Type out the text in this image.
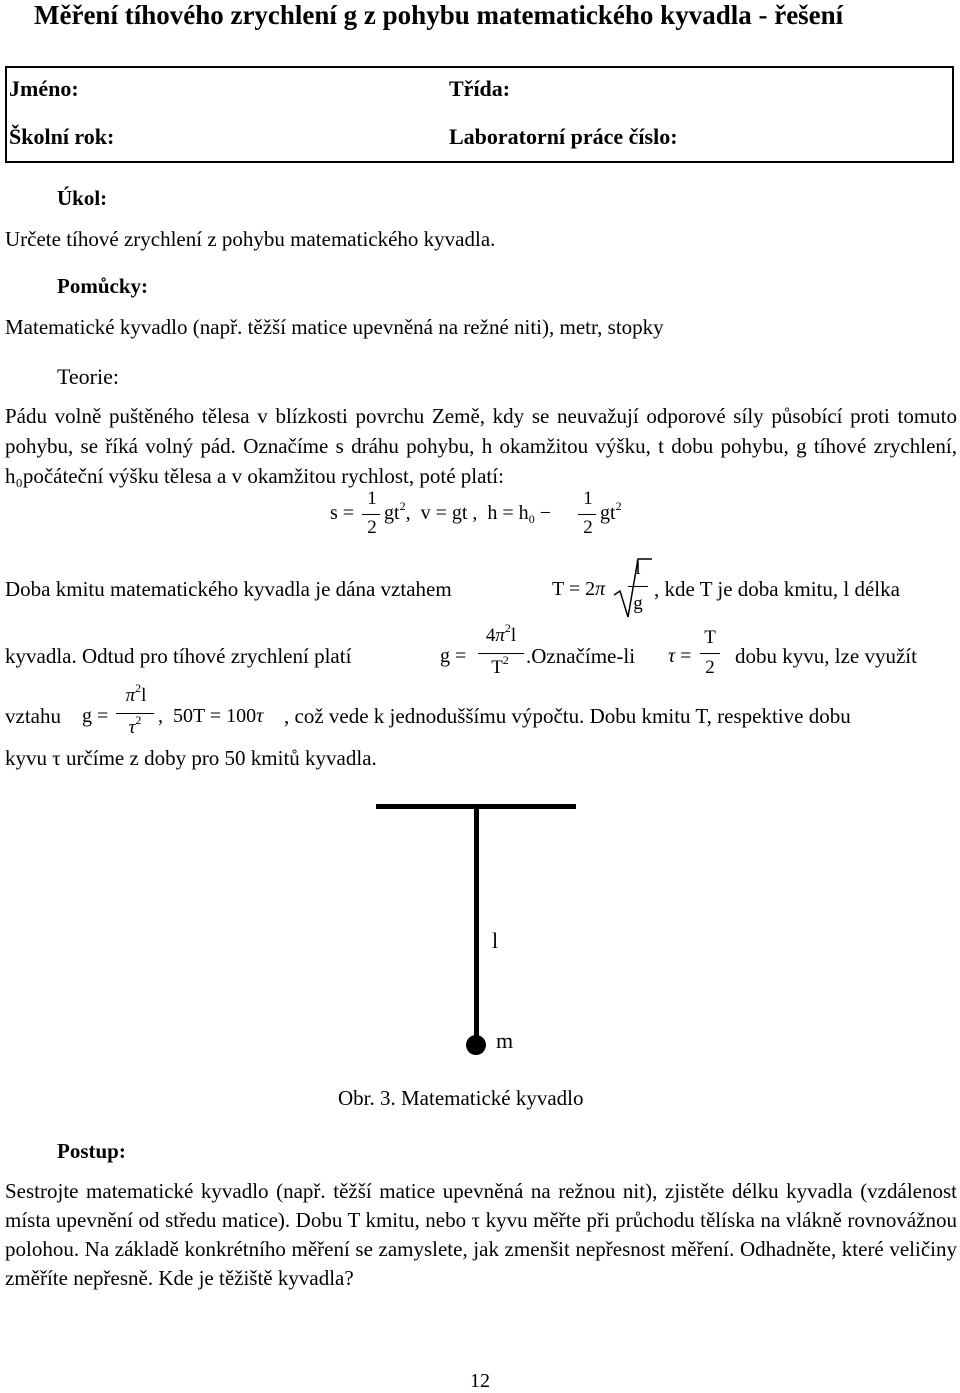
Měření tíhového zrychlení g z pohybu matematického kyvadla - řešení
Jméno:	Třída:
Školní rok:	Laboratorní práce číslo:
Úkol:
Určete tíhové zrychlení z pohybu matematického kyvadla.
Pomůcky:
Matematické kyvadlo (např. těžší matice upevněná na režné niti), metr, stopky
Teorie:
Pádu volně puštěného tělesa v blízkosti povrchu Země, kdy se neuvažují odporové síly působící proti tomuto pohybu, se říká volný pád. Označíme s dráhu pohybu, h okamžitou výšku, t dobu pohybu, g tíhové zrychlení, h₀počáteční výšku tělesa a v okamžitou rychlost, poté platí:
s =
1
2
$gt^2$,  v = gt ,  $h = h_0$ −
1
2
$gt^2$
Doba kmitu matematického kyvadla je dána vztahem	T = 2π
l
g
, kde T je doba kmitu, l délka
kyvadla. Odtud pro tíhové zrychlení platí	g =
$4\pi^2l$
$T^2$ .Označíme-li τ =
T
2 dobu kyvu, lze využít
vztahu g =
$\pi^2l$
$\tau^2$ ,  50T = 100τ , což vede k jednoduššímu výpočtu. Dobu kmitu T, respektive dobu
kyvu τ určíme z doby pro 50 kmitů kyvadla.
l
m
Obr. 3. Matematické kyvadlo
Postup:
Sestrojte matematické kyvadlo (např. těžší matice upevněná na režnou nit), zjistěte délku kyvadla (vzdálenost místa upevnění od středu matice). Dobu T kmitu, nebo τ kyvu měřte při průchodu tělíska na vlákně rovnovážnou polohou. Na základě konkrétního měření se zamyslete, jak zmenšit nepřesnost měření. Odhadněte, které veličiny změříte nepřesně. Kde je těžiště kyvadla?
12
